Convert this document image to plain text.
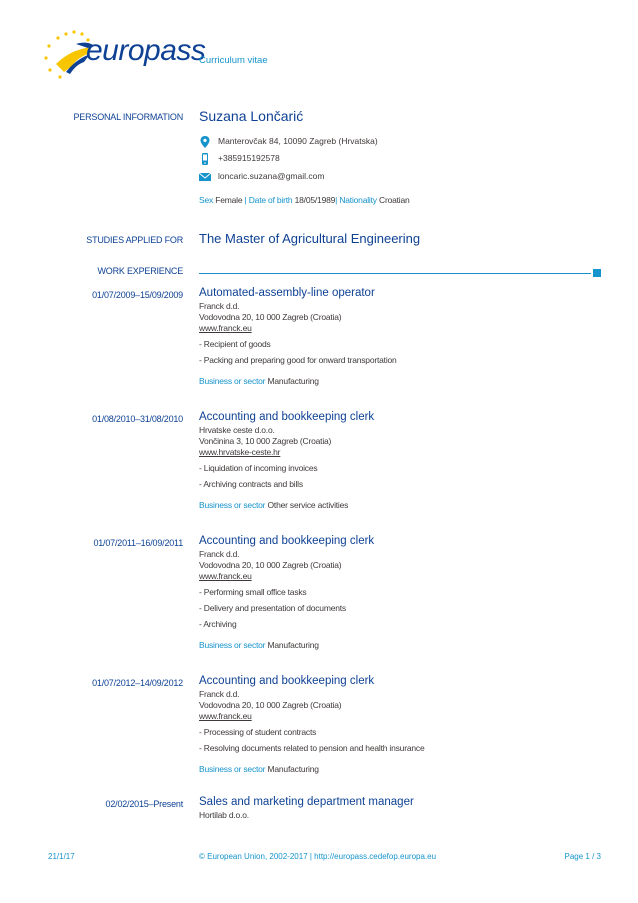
europass
Curriculum vitae
PERSONAL INFORMATION Suzana Lončarić
Manterovčak 84, 10090 Zagreb (Hrvatska)
+385915192578
loncaric.suzana@gmail.com
Sex Female | Date of birth 18/05/1989| Nationality Croatian
STUDIES APPLIED FOR The Master of Agricultural Engineering
WORK EXPERIENCE
01/07/2009–15/09/2009 Automated-assembly-line operator
Franck d.d.
Vodovodna 20, 10 000 Zagreb (Croatia)
www.franck.eu
- Recipient of goods
- Packing and preparing good for onward transportation
Business or sector Manufacturing
01/08/2010–31/08/2010 Accounting and bookkeeping clerk
Hrvatske ceste d.o.o.
Vončinina 3, 10 000 Zagreb (Croatia)
www.hrvatske-ceste.hr
- Liquidation of incoming invoices
- Archiving contracts and bills
Business or sector Other service activities
01/07/2011–16/09/2011 Accounting and bookkeeping clerk
Franck d.d.
Vodovodna 20, 10 000 Zagreb (Croatia)
www.franck.eu
- Performing small office tasks
- Delivery and presentation of documents
- Archiving
Business or sector Manufacturing
01/07/2012–14/09/2012 Accounting and bookkeeping clerk
Franck d.d.
Vodovodna 20, 10 000 Zagreb (Croatia)
www.franck.eu
- Processing of student contracts
- Resolving documents related to pension and health insurance
Business or sector Manufacturing
02/02/2015–Present Sales and marketing department manager
Hortilab d.o.o.
21/1/17	© European Union, 2002-2017 | http://europass.cedefop.europa.eu	Page 1 / 3
